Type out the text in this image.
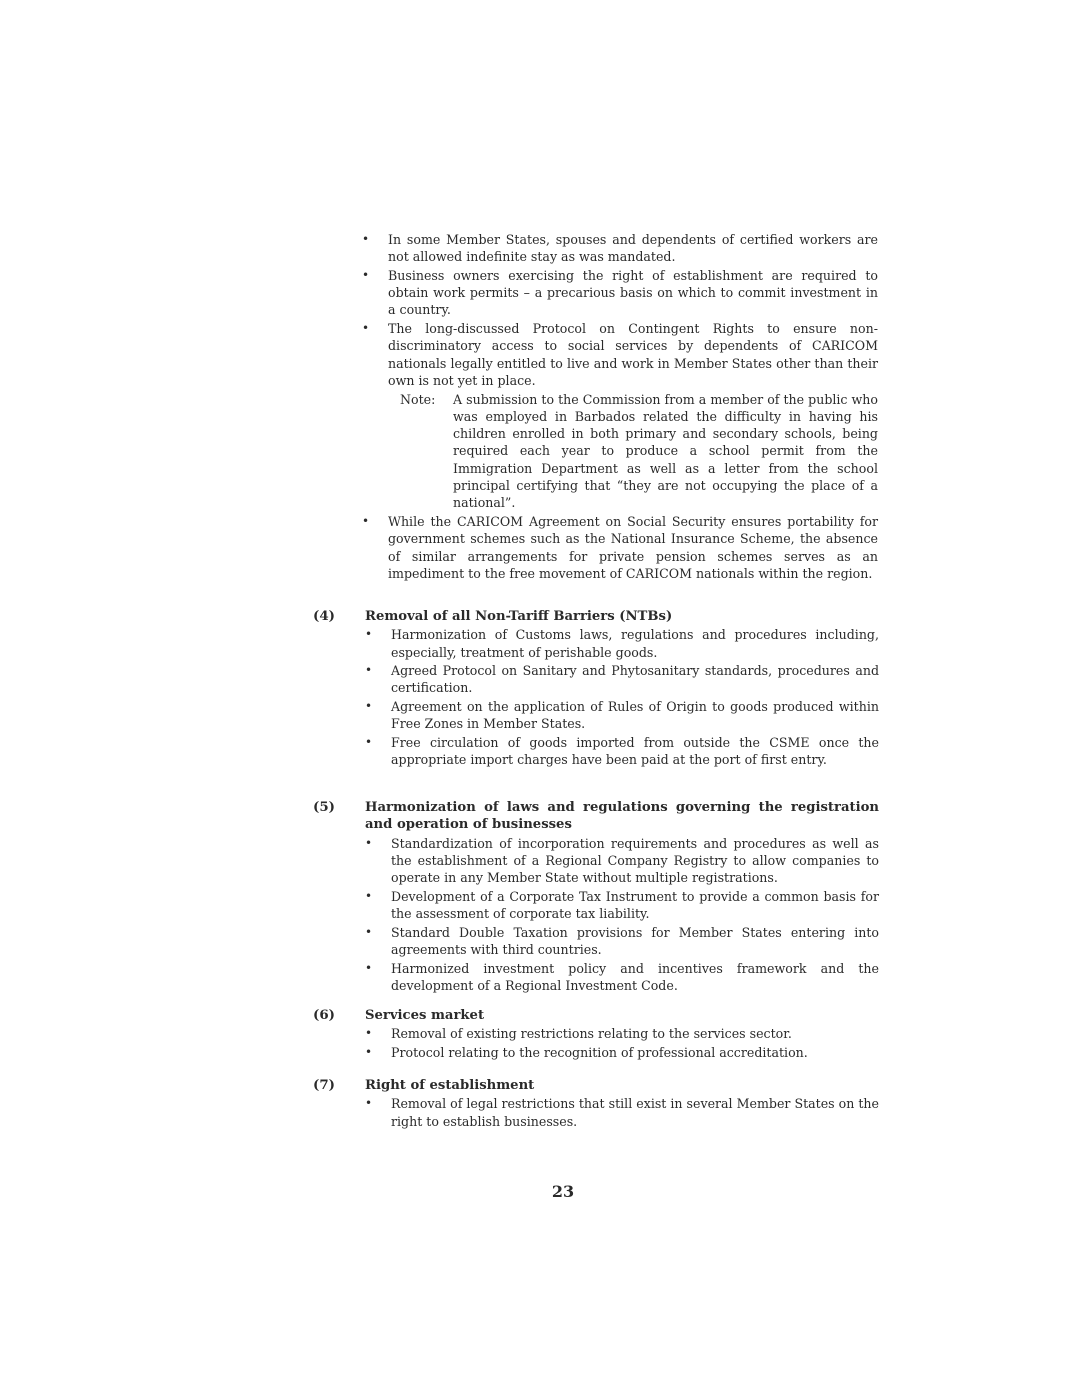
• In some Member States, spouses and dependents of certified workers are not allowed indefinite stay as was mandated.
• Business owners exercising the right of establishment are required to obtain work permits – a precarious basis on which to commit investment in a country.
• The long-discussed Protocol on Contingent Rights to ensure non-discriminatory access to social services by dependents of CARICOM nationals legally entitled to live and work in Member States other than their own is not yet in place.
Note: A submission to the Commission from a member of the public who was employed in Barbados related the difficulty in having his children enrolled in both primary and secondary schools, being required each year to produce a school permit from the Immigration Department as well as a letter from the school principal certifying that “they are not occupying the place of a national”.
• While the CARICOM Agreement on Social Security ensures portability for government schemes such as the National Insurance Scheme, the absence of similar arrangements for private pension schemes serves as an impediment to the free movement of CARICOM nationals within the region.
(4) Removal of all Non-Tariff Barriers (NTBs)
• Harmonization of Customs laws, regulations and procedures including, especially, treatment of perishable goods.
• Agreed Protocol on Sanitary and Phytosanitary standards, procedures and certification.
• Agreement on the application of Rules of Origin to goods produced within Free Zones in Member States.
• Free circulation of goods imported from outside the CSME once the appropriate import charges have been paid at the port of first entry.
(5) Harmonization of laws and regulations governing the registration and operation of businesses
• Standardization of incorporation requirements and procedures as well as the establishment of a Regional Company Registry to allow companies to operate in any Member State without multiple registrations.
• Development of a Corporate Tax Instrument to provide a common basis for the assessment of corporate tax liability.
• Standard Double Taxation provisions for Member States entering into agreements with third countries.
• Harmonized investment policy and incentives framework and the development of a Regional Investment Code.
(6) Services market
• Removal of existing restrictions relating to the services sector.
• Protocol relating to the recognition of professional accreditation.
(7) Right of establishment
• Removal of legal restrictions that still exist in several Member States on the right to establish businesses.
23
